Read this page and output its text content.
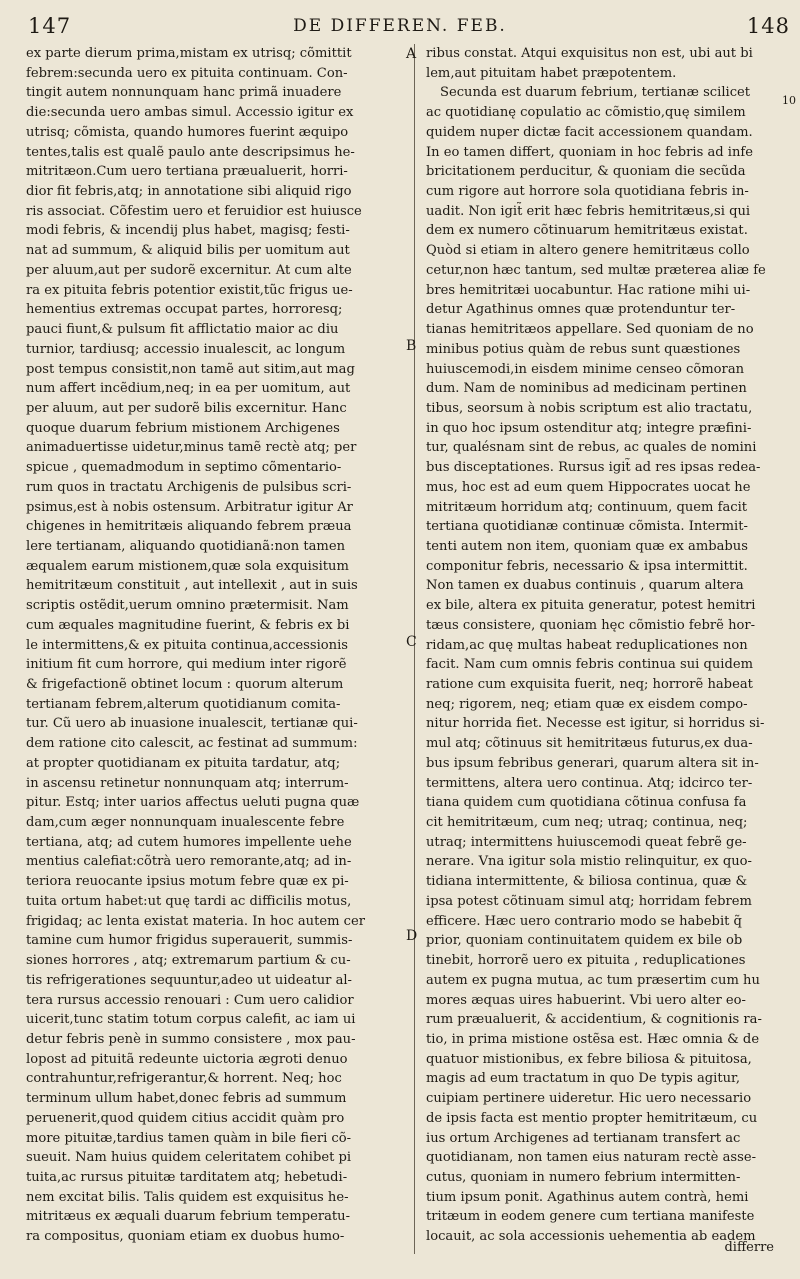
147	DE DIFFEREN. FEB.	148
ex parte dierum prima,mistam ex utrisq; cõmittit
febrem:secunda uero ex pituita continuam. Con-
tingit autem nonnunquam hanc primã inuadere
die:secunda uero ambas simul. Accessio igitur ex
utrisq; cõmista, quando humores fuerint æquipo
tentes,talis est qualẽ paulo ante descripsimus he-
mitritæon.Cum uero tertiana præualuerit, horri-
dior fit febris,atq; in annotatione sibi aliquid rigo
ris associat. Cõfestim uero et feruidior est huiusce
modi febris, & incendij plus habet, magisq; festi-
nat ad summum, & aliquid bilis per uomitum aut
per aluum,aut per sudorẽ excernitur. At cum alte
ra ex pituita febris potentior existit,tũc frigus ue-
hementius extremas occupat partes, horroresq;
pauci fiunt,& pulsum fit afflictatio maior ac diu
turnior, tardiusq; accessio inualescit, ac longum
post tempus consistit,non tamẽ aut sitim,aut mag
num affert incẽdium,neq; in ea per uomitum, aut
per aluum, aut per sudorẽ bilis excernitur. Hanc
quoque duarum febrium mistionem Archigenes
animaduertisse uidetur,minus tamẽ rectè atq; per
spicue , quemadmodum in septimo cõmentario-
rum quos in tractatu Archigenis de pulsibus scri-
psimus,est à nobis ostensum. Arbitratur igitur Ar
chigenes in hemitritæis aliquando febrem præua
lere tertianam, aliquando quotidianã:non tamen
æqualem earum mistionem,quæ sola exquisitum
hemitritæum constituit , aut intellexit , aut in suis
scriptis ostẽdit,uerum omnino prætermisit. Nam
cum æquales magnitudine fuerint, & febris ex bi
le intermittens,& ex pituita continua,accessionis
initium fit cum horrore, qui medium inter rigorẽ
& frigefactionẽ obtinet locum : quorum alterum
tertianam febrem,alterum quotidianum comita-
tur. Cũ uero ab inuasione inualescit, tertianæ qui-
dem ratione cito calescit, ac festinat ad summum:
at propter quotidianam ex pituita tardatur, atq;
in ascensu retinetur nonnunquam atq; interrum-
pitur. Estq; inter uarios affectus ueluti pugna quæ
dam,cum æger nonnunquam inualescente febre
tertiana, atq; ad cutem humores impellente uehe
mentius calefiat:cõtrà uero remorante,atq; ad in-
teriora reuocante ipsius motum febre quæ ex pi-
tuita ortum habet:ut quę tardi ac difficilis motus,
frigidaq; ac lenta existat materia. In hoc autem cer
tamine cum humor frigidus superauerit, summis-
siones horrores , atq; extremarum partium & cu-
tis refrigerationes sequuntur,adeo ut uideatur al-
tera rursus accessio renouari : Cum uero calidior
uicerit,tunc statim totum corpus calefit, ac iam ui
detur febris penè in summo consistere , mox pau-
lopost ad pituitã redeunte uictoria ægroti denuo
contrahuntur,refrigerantur,& horrent. Neq; hoc
terminum ullum habet,donec febris ad summum
peruenerit,quod quidem citius accidit quàm pro
more pituitæ,tardius tamen quàm in bile fieri cõ-
sueuit. Nam huius quidem celeritatem cohibet pi
tuita,ac rursus pituitæ tarditatem atq; hebetudi-
nem excitat bilis. Talis quidem est exquisitus he-
mitritæus ex æquali duarum febrium temperatu-
ra compositus, quoniam etiam ex duobus humo-
ribus constat. Atqui exquisitus non est, ubi aut bi
lem,aut pituitam habet præpotentem.
Secunda est duarum febrium, tertianæ scilicet
ac quotidianę copulatio ac cõmistio,quę similem
quidem nuper dictæ facit accessionem quandam.
In eo tamen differt, quoniam in hoc febris ad infe
bricitationem perducitur, & quoniam die secũda
cum rigore aut horrore sola quotidiana febris in-
uadit. Non igit̃ erit hæc febris hemitritæus,si qui
dem ex numero cõtinuarum hemitritæus existat.
Quòd si etiam in altero genere hemitritæus collo
cetur,non hæc tantum, sed multæ præterea aliæ fe
bres hemitritæi uocabuntur. Hac ratione mihi ui-
detur Agathinus omnes quæ protenduntur ter-
tianas hemitritæos appellare. Sed quoniam de no
minibus potius quàm de rebus sunt quæstiones
huiuscemodi,in eisdem minime censeo cõmoran
dum. Nam de nominibus ad medicinam pertinen
tibus, seorsum à nobis scriptum est alio tractatu,
in quo hoc ipsum ostenditur atq; integre præfini-
tur, qualésnam sint de rebus, ac quales de nomini
bus disceptationes. Rursus igit̃ ad res ipsas redea-
mus, hoc est ad eum quem Hippocrates uocat he
mitritæum horridum atq; continuum, quem facit
tertiana quotidianæ continuæ cõmista. Intermit-
tenti autem non item, quoniam quæ ex ambabus
componitur febris, necessario & ipsa intermittit.
Non tamen ex duabus continuis , quarum altera
ex bile, altera ex pituita generatur, potest hemitri
tæus consistere, quoniam hęc cõmistio febrẽ hor-
ridam,ac quę multas habeat reduplicationes non
facit. Nam cum omnis febris continua sui quidem
ratione cum exquisita fuerit, neq; horrorẽ habeat
neq; rigorem, neq; etiam quæ ex eisdem compo-
nitur horrida fiet. Necesse est igitur, si horridus si-
mul atq; cõtinuus sit hemitritæus futurus,ex dua-
bus ipsum febribus generari, quarum altera sit in-
termittens, altera uero continua. Atq; idcirco ter-
tiana quidem cum quotidiana cõtinua confusa fa
cit hemitritæum, cum neq; utraq; continua, neq;
utraq; intermittens huiuscemodi queat febrẽ ge-
nerare. Vna igitur sola mistio relinquitur, ex quo-
tidiana intermittente, & biliosa continua, quæ &
ipsa potest cõtinuam simul atq; horridam febrem
efficere. Hæc uero contrario modo se habebit q̃
prior, quoniam continuitatem quidem ex bile ob
tinebit, horrorẽ uero ex pituita , reduplicationes
autem ex pugna mutua, ac tum præsertim cum hu
mores æquas uires habuerint. Vbi uero alter eo-
rum præualuerit, & accidentium, & cognitionis ra-
tio, in prima mistione ostẽsa est. Hæc omnia & de
quatuor mistionibus, ex febre biliosa & pituitosa,
magis ad eum tractatum in quo De typis agitur,
cuipiam pertinere uideretur. Hic uero necessario
de ipsis facta est mentio propter hemitritæum, cu
ius ortum Archigenes ad tertianam transfert ac
quotidianam, non tamen eius naturam rectè asse-
cutus, quoniam in numero febrium intermitten-
tium ipsum ponit. Agathinus autem contrà, hemi
tritæum in eodem genere cum tertiana manifeste
locauit, ac sola accessionis uehementia ab eadem
A
B
C
D
10
differre
